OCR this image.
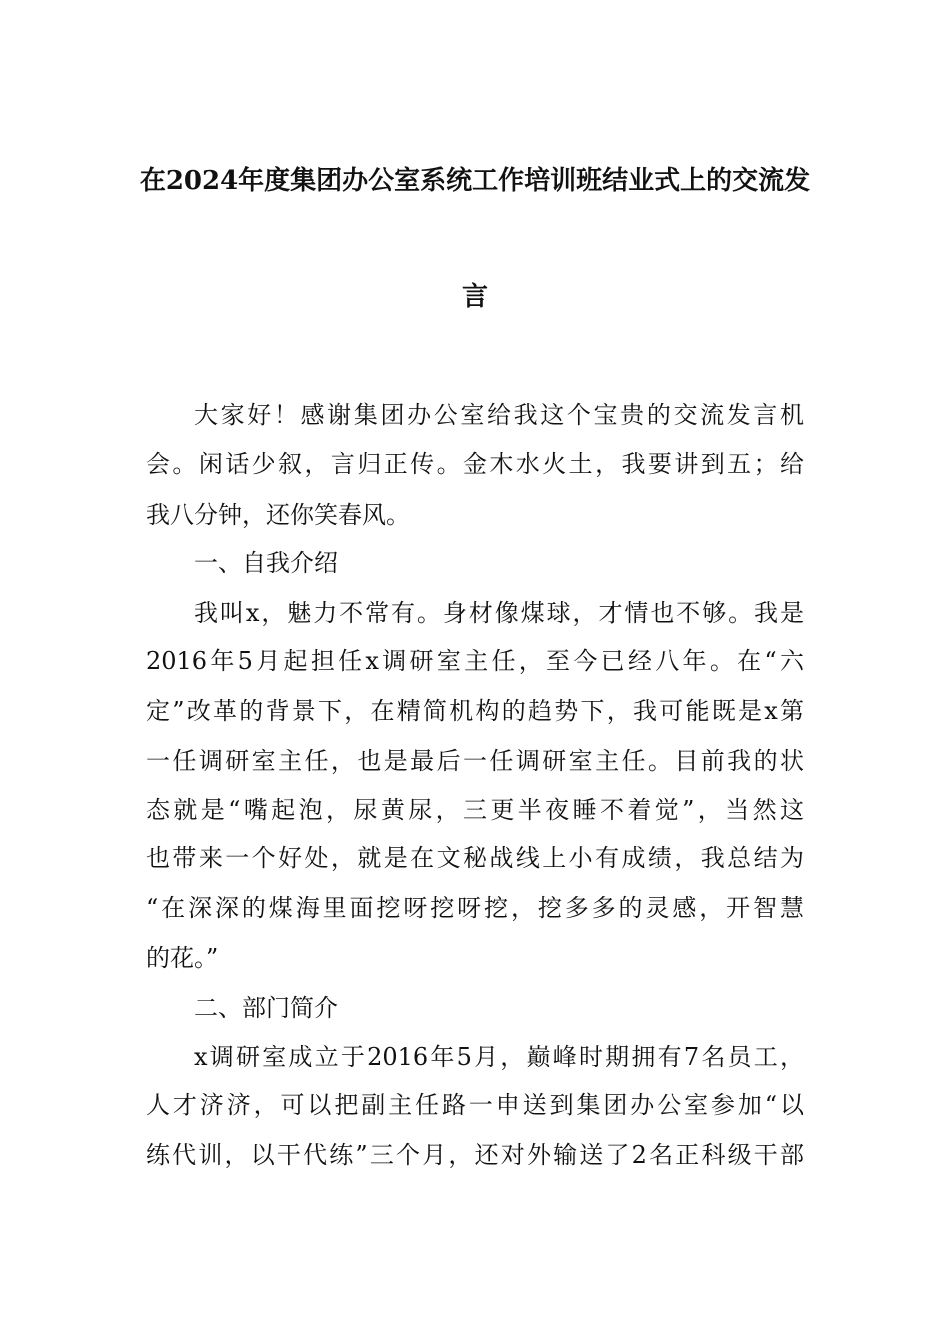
在2024年度集团办公室系统工作培训班结业式上的交流发
言
大家好！感谢集团办公室给我这个宝贵的交流发言机
会。闲话少叙，言归正传。金木水火土，我要讲到五；给
我八分钟，还你笑春风。
一、自我介绍
我叫x，魅力不常有。身材像煤球，才情也不够。我是
2016年5月起担任x调研室主任，至今已经八年。在“六
定”改革的背景下，在精简机构的趋势下，我可能既是x第
一任调研室主任，也是最后一任调研室主任。目前我的状
态就是“嘴起泡，尿黄尿，三更半夜睡不着觉”，当然这
也带来一个好处，就是在文秘战线上小有成绩，我总结为
“在深深的煤海里面挖呀挖呀挖，挖多多的灵感，开智慧
的花。”
二、部门简介
x调研室成立于2016年5月，巅峰时期拥有7名员工，
人才济济，可以把副主任路一申送到集团办公室参加“以
练代训，以干代练”三个月，还对外输送了2名正科级干部
